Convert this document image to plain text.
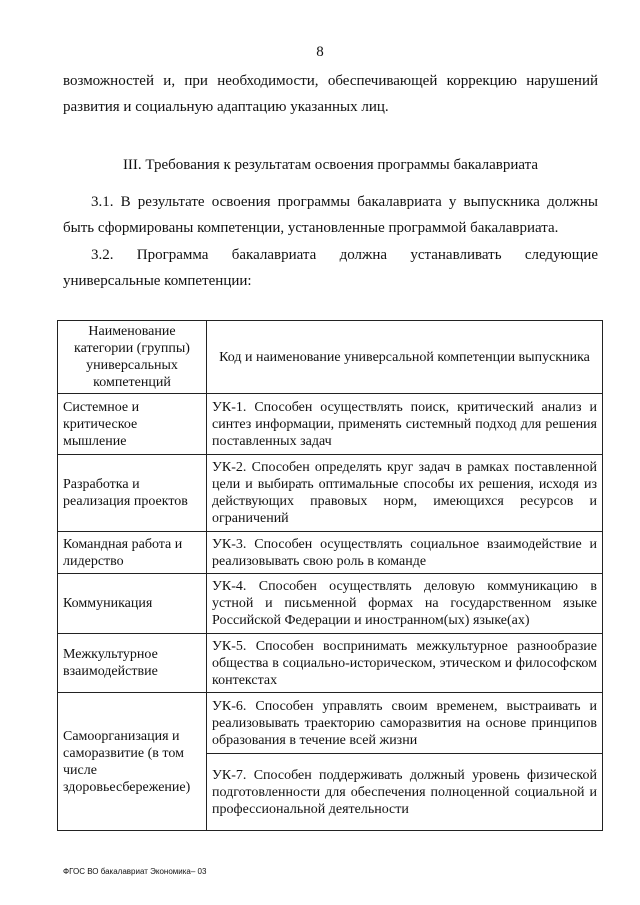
8

возможностей и, при необходимости, обеспечивающей коррекцию нарушений развития и социальную адаптацию указанных лиц.

III. Требования к результатам освоения программы бакалавриата

3.1. В результате освоения программы бакалавриата у выпускника должны быть сформированы компетенции, установленные программой бакалавриата.

3.2. Программа бакалавриата должна устанавливать следующие универсальные компетенции:

Наименование категории (группы) универсальных компетенций	Код и наименование универсальной компетенции выпускника
Системное и критическое мышление	УК-1. Способен осуществлять поиск, критический анализ и синтез информации, применять системный подход для решения поставленных задач
Разработка и реализация проектов	УК-2. Способен определять круг задач в рамках поставленной цели и выбирать оптимальные способы их решения, исходя из действующих правовых норм, имеющихся ресурсов и ограничений
Командная работа и лидерство	УК-3. Способен осуществлять социальное взаимодействие и реализовывать свою роль в команде
Коммуникация	УК-4. Способен осуществлять деловую коммуникацию в устной и письменной формах на государственном языке Российской Федерации и иностранном(ых) языке(ах)
Межкультурное взаимодействие	УК-5. Способен воспринимать межкультурное разнообразие общества в социально-историческом, этическом и философском контекстах
Самоорганизация и саморазвитие (в том числе здоровьесбережение)	УК-6. Способен управлять своим временем, выстраивать и реализовывать траекторию саморазвития на основе принципов образования в течение всей жизни
	УК-7. Способен поддерживать должный уровень физической подготовленности для обеспечения полноценной социальной и профессиональной деятельности
ФГОС ВО бакалавриат Экономика– 03
